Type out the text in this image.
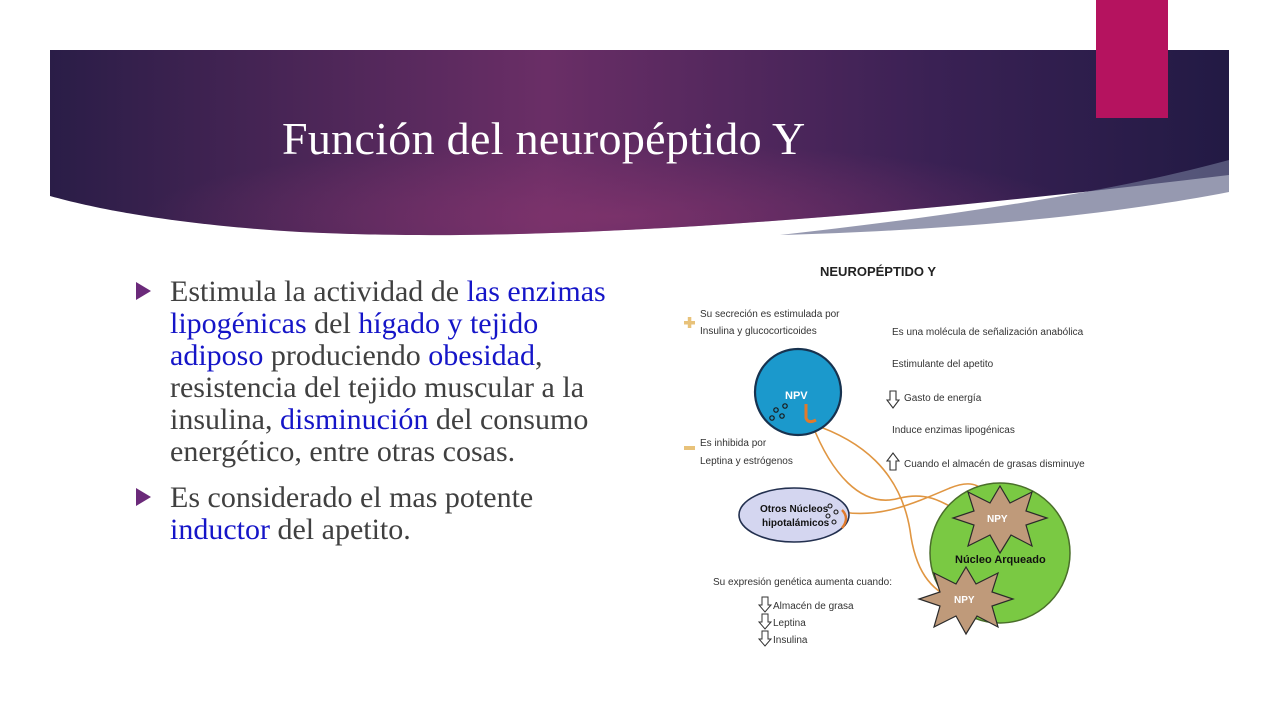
Función del neuropéptido Y
Estimula la actividad de las enzimas lipogénicas del hígado y tejido adiposo produciendo obesidad, resistencia del tejido muscular a la insulina, disminución del consumo energético, entre otras cosas.
Es considerado el mas potente inductor del apetito.
NEUROPÉPTIDO Y
Su secreción es estimulada por
Insulina y glucocorticoides
NPV
Es inhibida por
Leptina y estrógenos
Otros Núcleos
hipotalámicos
Es una molécula de señalización anabólica
Estimulante del apetito
Gasto de energía
Induce enzimas lipogénicas
Cuando el almacén de grasas disminuye
Núcleo Arqueado
NPY
NPY
Su expresión genética aumenta cuando:
Almacén de grasa
Leptina
Insulina
